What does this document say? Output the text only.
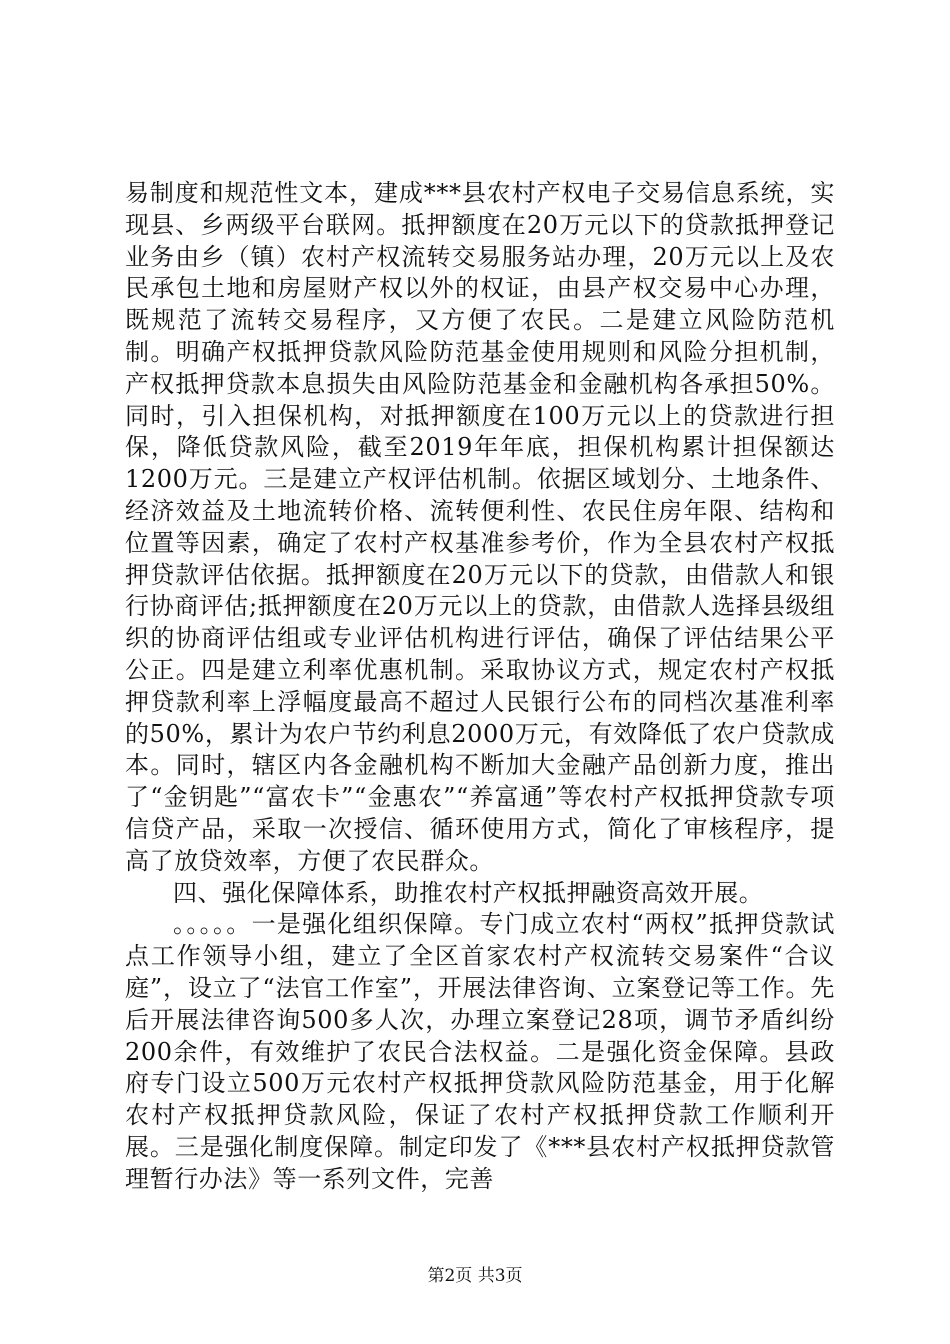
易制度和规范性文本，建成***县农村产权电子交易信息系统，实现县、乡两级平台联网。抵押额度在20万元以下的贷款抵押登记业务由乡（镇）农村产权流转交易服务站办理，20万元以上及农民承包土地和房屋财产权以外的权证，由县产权交易中心办理，既规范了流转交易程序，又方便了农民。二是建立风险防范机制。明确产权抵押贷款风险防范基金使用规则和风险分担机制，产权抵押贷款本息损失由风险防范基金和金融机构各承担50%。同时，引入担保机构，对抵押额度在100万元以上的贷款进行担保，降低贷款风险，截至2019年年底，担保机构累计担保额达1200万元。三是建立产权评估机制。依据区域划分、土地条件、经济效益及土地流转价格、流转便利性、农民住房年限、结构和位置等因素，确定了农村产权基准参考价，作为全县农村产权抵押贷款评估依据。抵押额度在20万元以下的贷款，由借款人和银行协商评估;抵押额度在20万元以上的贷款，由借款人选择县级组织的协商评估组或专业评估机构进行评估，确保了评估结果公平公正。四是建立利率优惠机制。采取协议方式，规定农村产权抵押贷款利率上浮幅度最高不超过人民银行公布的同档次基准利率的50%，累计为农户节约利息2000万元，有效降低了农户贷款成本。同时，辖区内各金融机构不断加大金融产品创新力度，推出了“金钥匙”“富农卡”“金惠农”“养富通”等农村产权抵押贷款专项信贷产品，采取一次授信、循环使用方式，简化了审核程序，提高了放贷效率，方便了农民群众。

四、强化保障体系，助推农村产权抵押融资高效开展。

。。。。。一是强化组织保障。专门成立农村“两权”抵押贷款试点工作领导小组，建立了全区首家农村产权流转交易案件“合议庭”，设立了“法官工作室”，开展法律咨询、立案登记等工作。先后开展法律咨询500多人次，办理立案登记28项，调节矛盾纠纷200余件，有效维护了农民合法权益。二是强化资金保障。县政府专门设立500万元农村产权抵押贷款风险防范基金，用于化解农村产权抵押贷款风险，保证了农村产权抵押贷款工作顺利开展。三是强化制度保障。制定印发了《***县农村产权抵押贷款管理暂行办法》等一系列文件，完善

第2页 共3页
